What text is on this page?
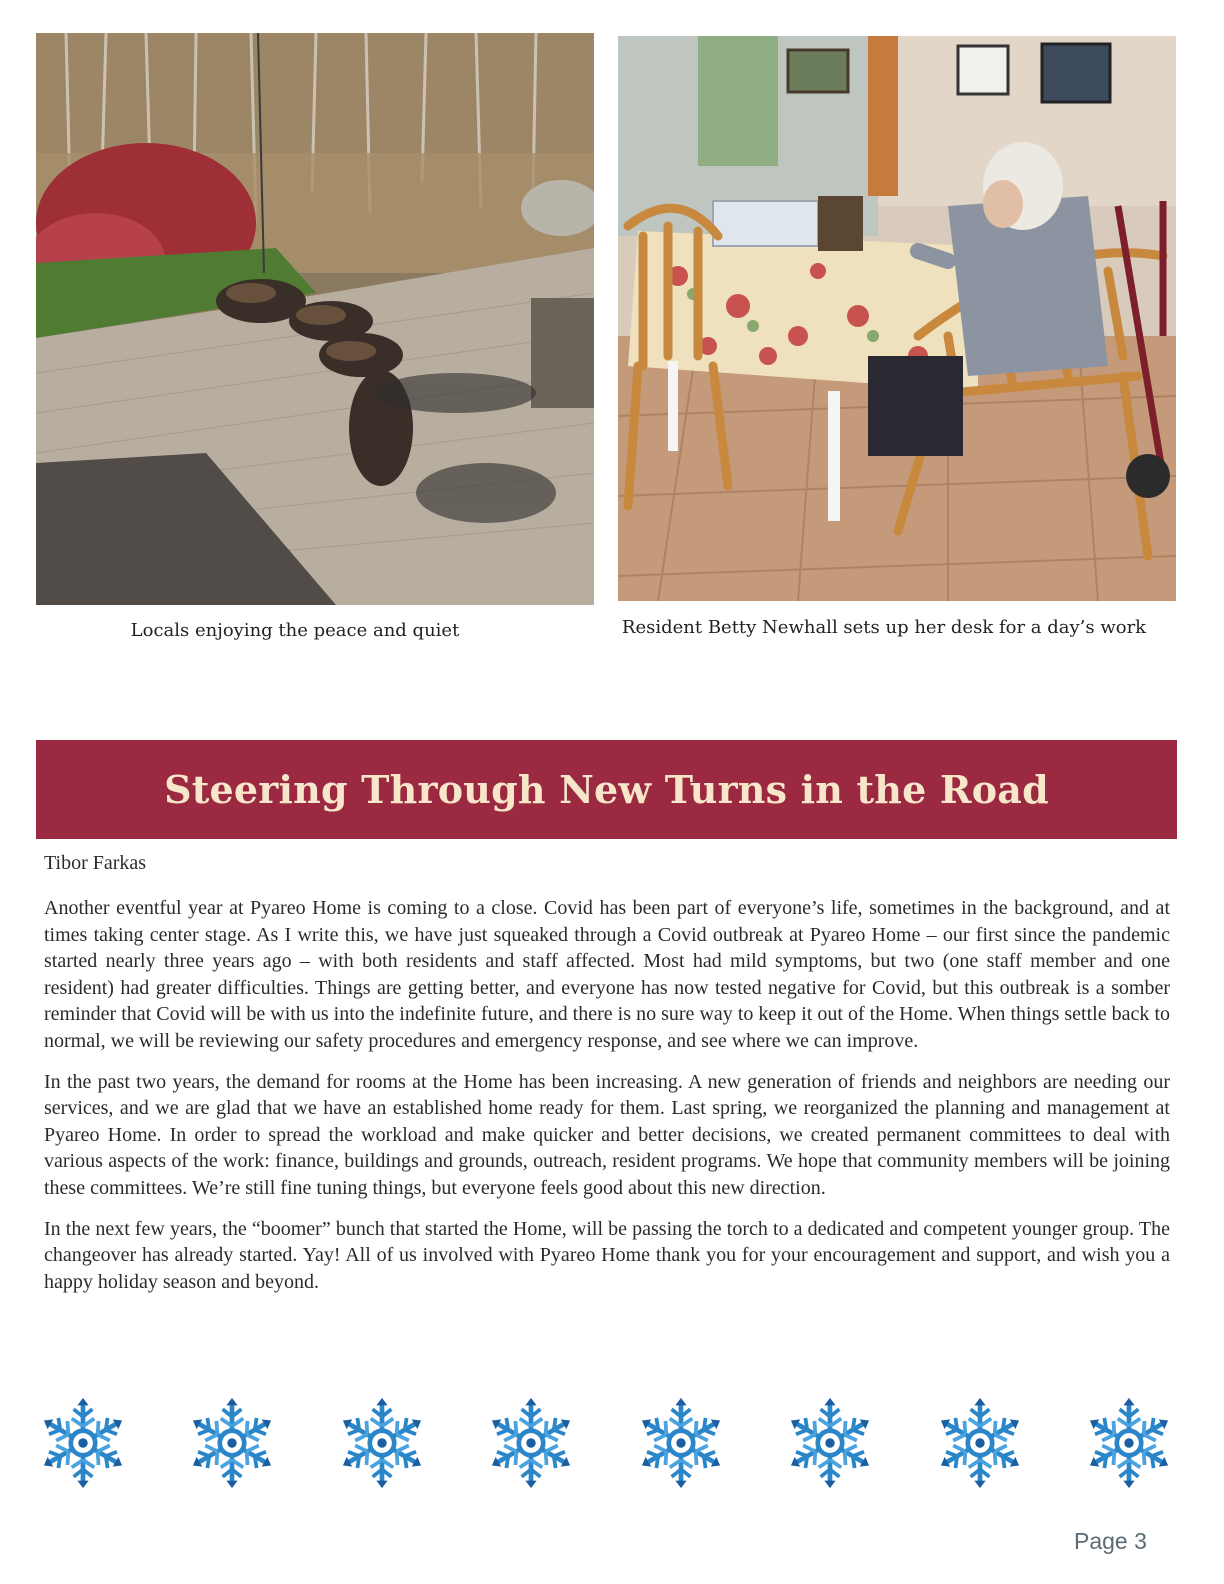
Locals enjoying the peace and quiet	Resident Betty Newhall sets up her desk for a day’s work
Steering Through New Turns in the Road
Tibor Farkas

Another eventful year at Pyareo Home is coming to a close. Covid has been part of everyone’s life, sometimes in the background, and at times taking center stage. As I write this, we have just squeaked through a Covid outbreak at Pyareo Home – our first since the pandemic started nearly three years ago – with both residents and staff affected. Most had mild symptoms, but two (one staff member and one resident) had greater difficulties. Things are getting better, and everyone has now tested negative for Covid, but this outbreak is a somber reminder that Covid will be with us into the indefinite future, and there is no sure way to keep it out of the Home. When things settle back to normal, we will be reviewing our safety procedures and emergency response, and see where we can improve.

In the past two years, the demand for rooms at the Home has been increasing. A new generation of friends and neighbors are needing our services, and we are glad that we have an established home ready for them. Last spring, we reorganized the planning and management at Pyareo Home. In order to spread the workload and make quicker and better decisions, we created permanent committees to deal with various aspects of the work: finance, buildings and grounds, outreach, resident programs. We hope that community members will be joining these committees. We’re still fine tuning things, but everyone feels good about this new direction.

In the next few years, the “boomer” bunch that started the Home, will be passing the torch to a dedicated and competent younger group. The changeover has already started. Yay! All of us involved with Pyareo Home thank you for your encouragement and support, and wish you a happy holiday season and beyond.

Page 3
